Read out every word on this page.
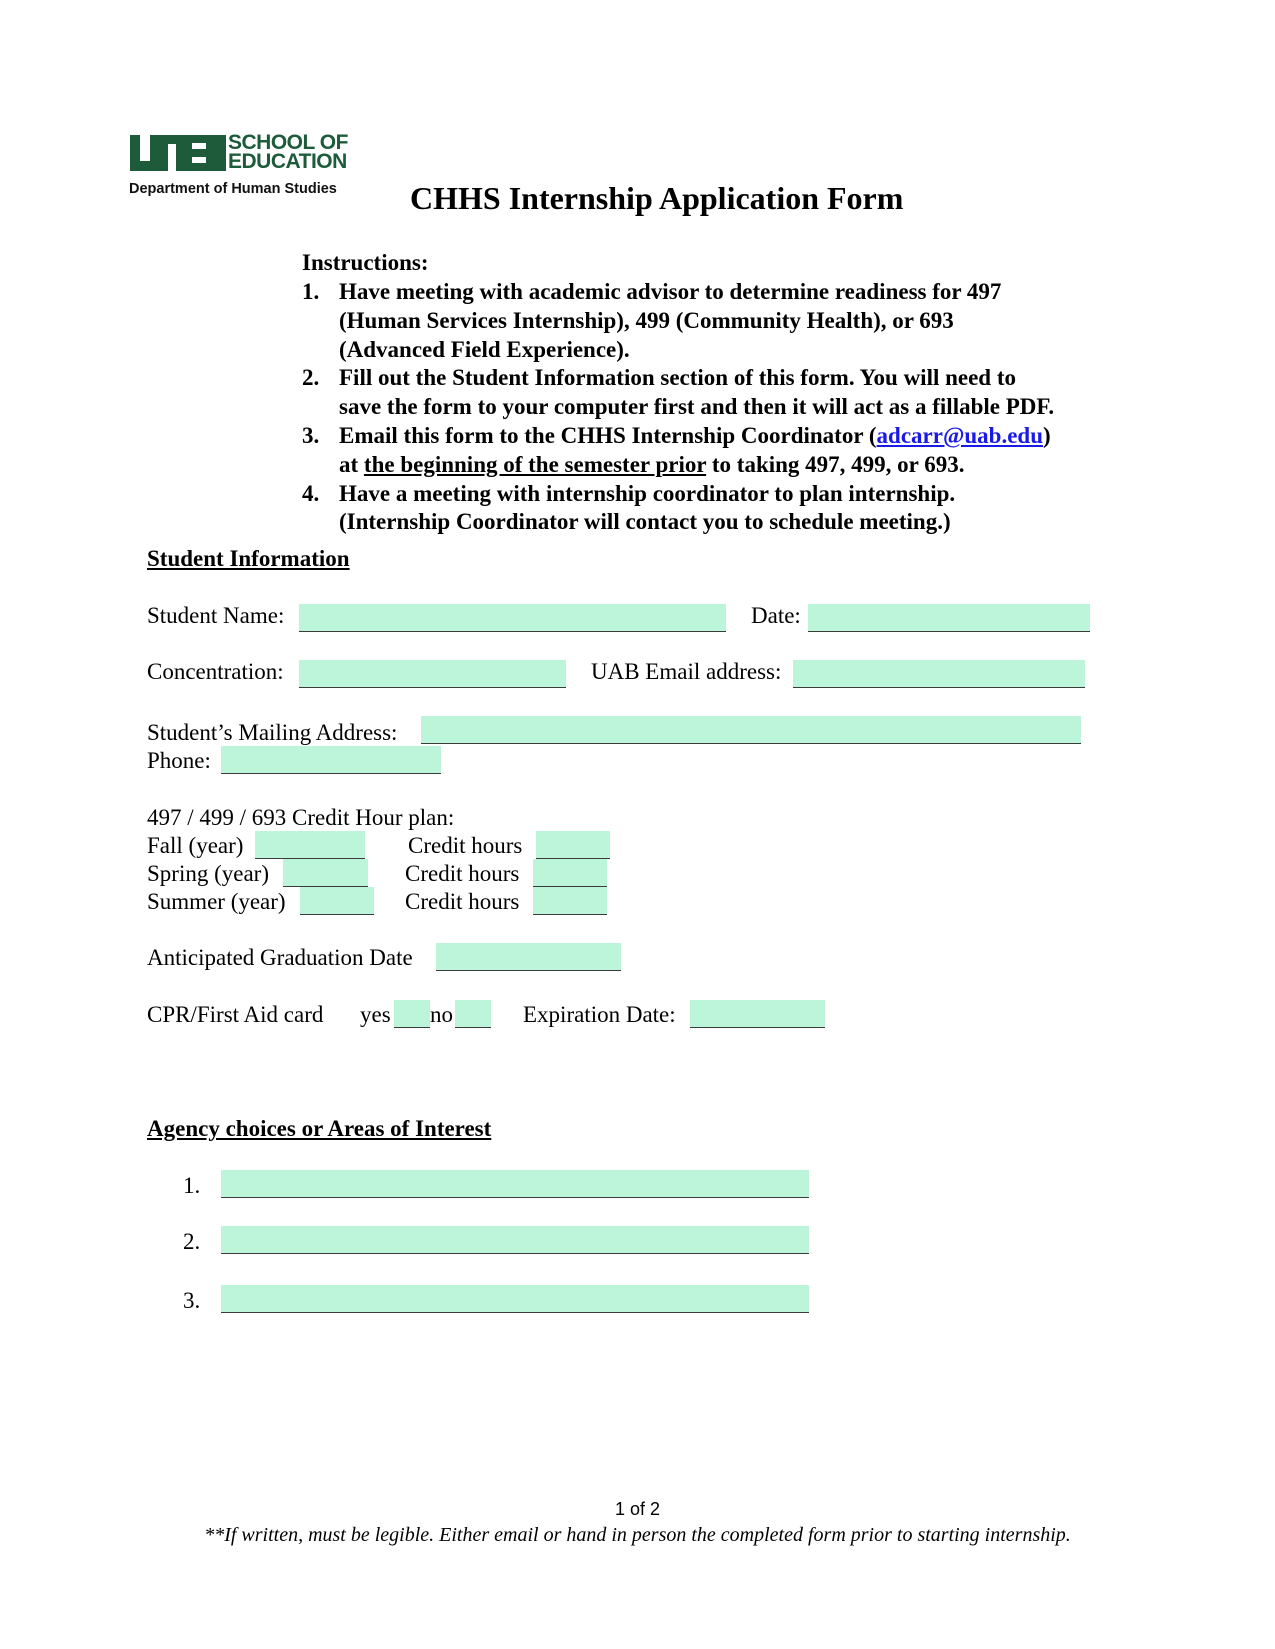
SCHOOL OF
EDUCATION
Department of Human Studies CHHS Internship Application Form
Instructions:
1. Have meeting with academic advisor to determine readiness for 497
(Human Services Internship), 499 (Community Health), or 693
(Advanced Field Experience).
2. Fill out the Student Information section of this form. You will need to
save the form to your computer first and then it will act as a fillable PDF.
3. Email this form to the CHHS Internship Coordinator (adcarr@uab.edu)
at the beginning of the semester prior to taking 497, 499, or 693.
4. Have a meeting with internship coordinator to plan internship.
(Internship Coordinator will contact you to schedule meeting.)
Student Information
Student Name:	Date:
Concentration:	UAB Email address:
Student’s Mailing Address:
Phone:
497 / 499 / 693 Credit Hour plan:
Fall (year)	Credit hours
Spring (year)	Credit hours
Summer (year)	Credit hours
Anticipated Graduation Date
CPR/First Aid card yes no	Expiration Date:
Agency choices or Areas of Interest
1.
2.
3.
1 of 2
**If written, must be legible. Either email or hand in person the completed form prior to starting internship.
